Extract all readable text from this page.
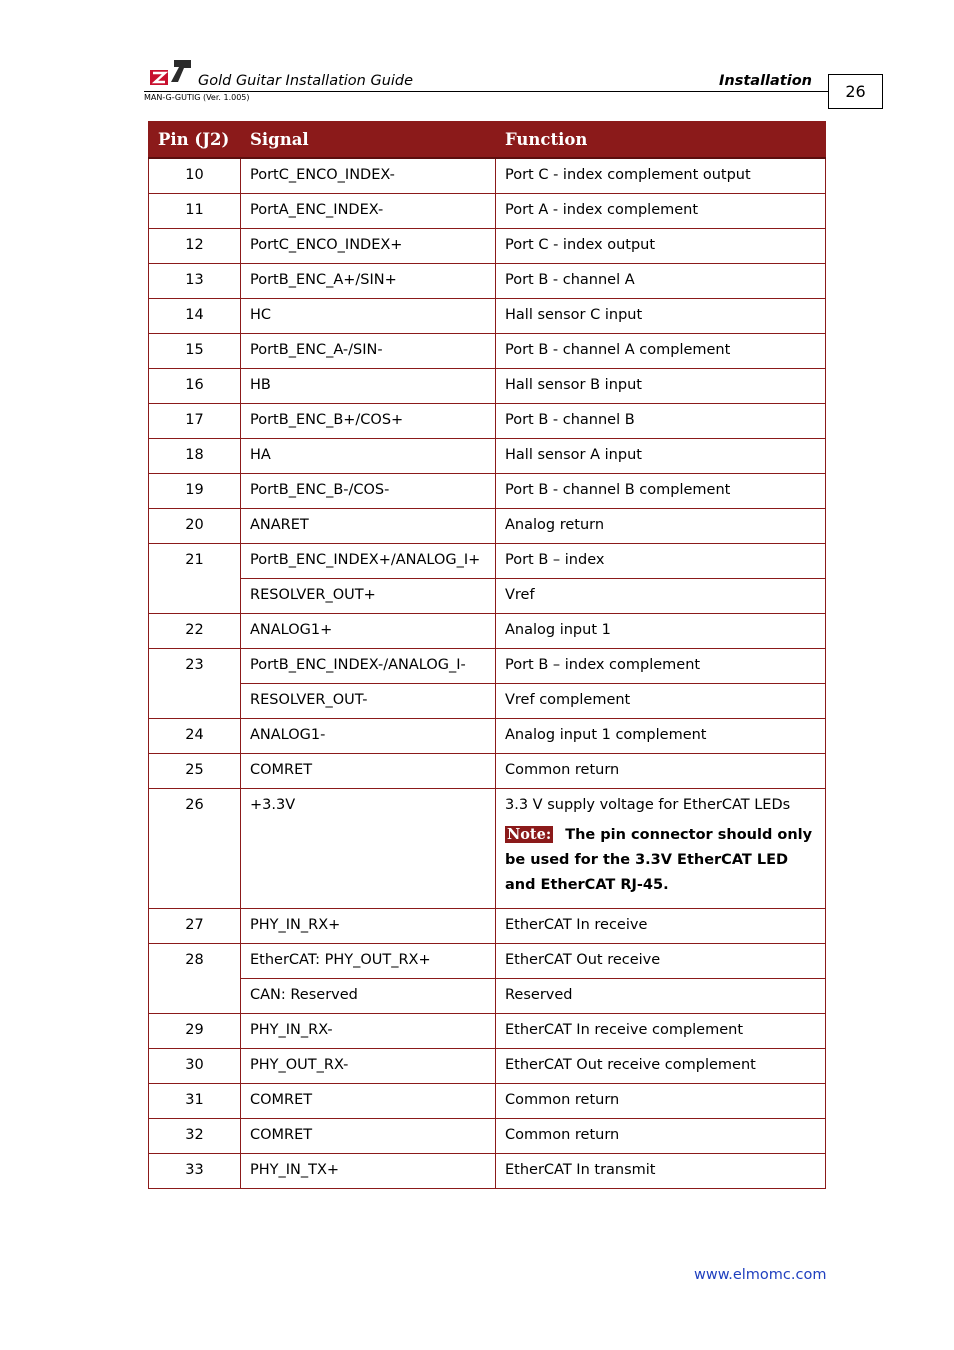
Gold Guitar Installation Guide	Installation
MAN-G-GUTIG (Ver. 1.005)	26
Pin (J2)	Signal	Function
10	PortC_ENCO_INDEX-	Port C - index complement output
11	PortA_ENC_INDEX-	Port A - index complement
12	PortC_ENCO_INDEX+	Port C - index output
13	PortB_ENC_A+/SIN+	Port B - channel A
14	HC	Hall sensor C input
15	PortB_ENC_A-/SIN-	Port B - channel A complement
16	HB	Hall sensor B input
17	PortB_ENC_B+/COS+	Port B - channel B
18	HA	Hall sensor A input
19	PortB_ENC_B-/COS-	Port B - channel B complement
20	ANARET	Analog return
21	PortB_ENC_INDEX+/ANALOG_I+	Port B – index
	RESOLVER_OUT+	Vref
22	ANALOG1+	Analog input 1
23	PortB_ENC_INDEX-/ANALOG_I-	Port B – index complement
	RESOLVER_OUT-	Vref complement
24	ANALOG1-	Analog input 1 complement
25	COMRET	Common return
26	+3.3V	3.3 V supply voltage for EtherCAT LEDs
Note: The pin connector should only be used for the 3.3V EtherCAT LED and EtherCAT RJ-45.

27	PHY_IN_RX+	EtherCAT In receive
28	EtherCAT: PHY_OUT_RX+	EtherCAT Out receive
	CAN: Reserved	Reserved
29	PHY_IN_RX-	EtherCAT In receive complement
30	PHY_OUT_RX-	EtherCAT Out receive complement
31	COMRET	Common return
32	COMRET	Common return
33	PHY_IN_TX+	EtherCAT In transmit
www.elmomc.com
